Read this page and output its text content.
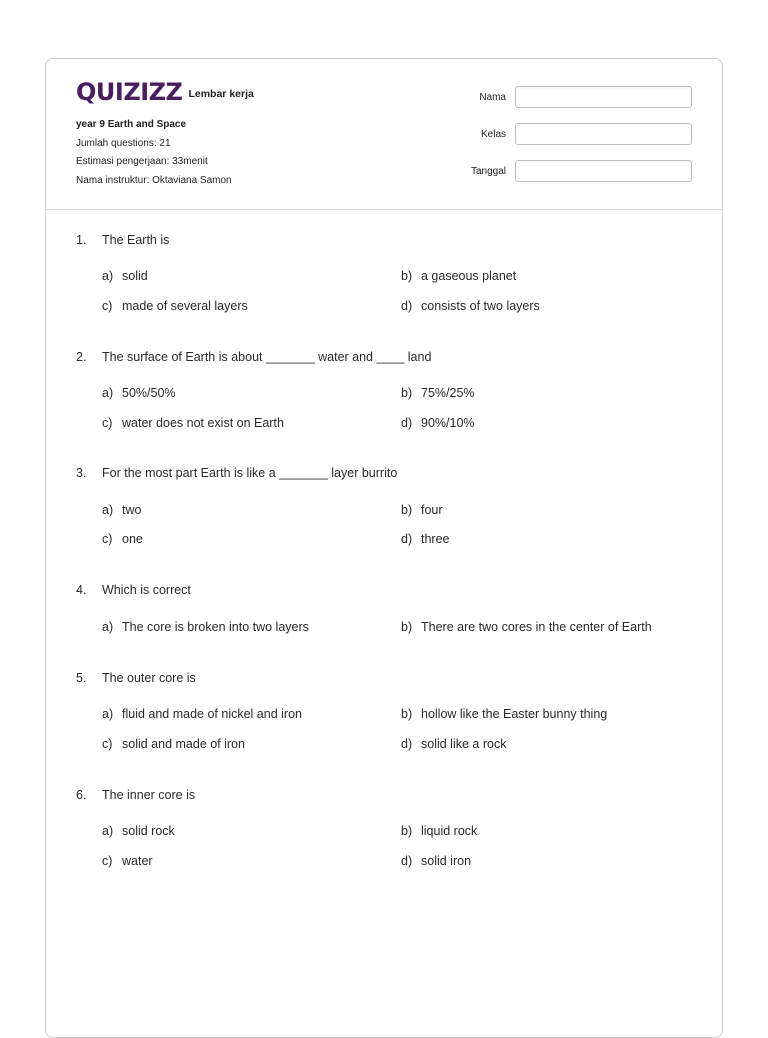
QUIZIZZ Lembar kerja
year 9 Earth and Space
Jumlah questions: 21
Estimasi pengerjaan: 33menit
Nama instruktur: Oktaviana Samon
Nama
Kelas
Tanggal
1. The Earth is
a) solid	b) a gaseous planet
c) made of several layers	d) consists of two layers
2. The surface of Earth is about _______ water and ____ land
a) 50%/50%	b) 75%/25%
c) water does not exist on Earth	d) 90%/10%
3. For the most part Earth is like a _______ layer burrito
a) two	b) four
c) one	d) three
4. Which is correct
a) The core is broken into two layers	b) There are two cores in the center of Earth
5. The outer core is
a) fluid and made of nickel and iron	b) hollow like the Easter bunny thing
c) solid and made of iron	d) solid like a rock
6. The inner core is
a) solid rock	b) liquid rock
c) water	d) solid iron
